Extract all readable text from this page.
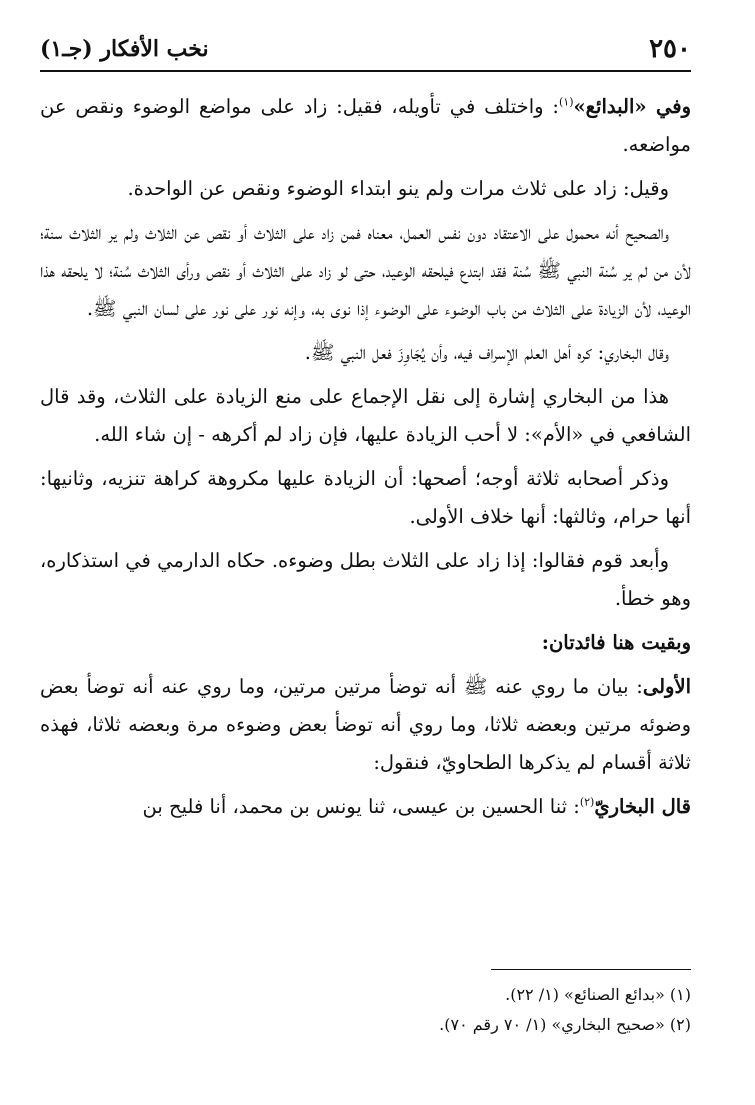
٢٥٠
نخب الأفكار (جـ١)

وفي «البدائع»$^{(١)}$: واختلف في تأويله، فقيل: زاد على مواضع الوضوء ونقص عن مواضعه.

وقيل: زاد على ثلاث مرات ولم ينو ابتداء الوضوء ونقص عن الواحدة.

والصحيح أنه محمول على الاعتقاد دون نفس العمل، معناه فمن زاد على الثلاث أو نقص عن الثلاث ولم ير الثلاث سنة؛ لأن من لم ير سُنة النبي ﷺ سُنة فقد ابتدع فيلحقه الوعيد، حتى لو زاد على الثلاث أو نقص ورأى الثلاث سُنة؛ لا يلحقه هذا الوعيد، لأن الزيادة على الثلاث من باب الوضوء على الوضوء إذا نوى به، وإنه نور على نور على لسان النبي ﷺ.

وقال البخاري: كره أهل العلم الإسراف فيه، وأن يُجَاوِزَ فعل النبي ﷺ.

هذا من البخاري إشارة إلى نقل الإجماع على منع الزيادة على الثلاث، وقد قال الشافعي في «الأم»: لا أحب الزيادة عليها، فإن زاد لم أكرهه - إن شاء الله.

وذكر أصحابه ثلاثة أوجه؛ أصحها: أن الزيادة عليها مكروهة كراهة تنزيه، وثانيها: أنها حرام، وثالثها: أنها خلاف الأولى.

وأبعد قوم فقالوا: إذا زاد على الثلاث بطل وضوءه. حكاه الدارمي في استذكاره، وهو خطأ.

وبقيت هنا فائدتان:

الأولى: بيان ما روي عنه ﷺ أنه توضأ مرتين مرتين، وما روي عنه أنه توضأ بعض وضوئه مرتين وبعضه ثلاثا، وما روي أنه توضأ بعض وضوءه مرة وبعضه ثلاثا، فهذه ثلاثة أقسام لم يذكرها الطحاويّ، فنقول:

قال البخاريّ$^{(٢)}$: ثنا الحسين بن عيسى، ثنا يونس بن محمد، أنا فليح بن

(١) «بدائع الصنائع» (١/ ٢٢).
(٢) «صحيح البخاري» (١/ ٧٠ رقم ٧٠).
